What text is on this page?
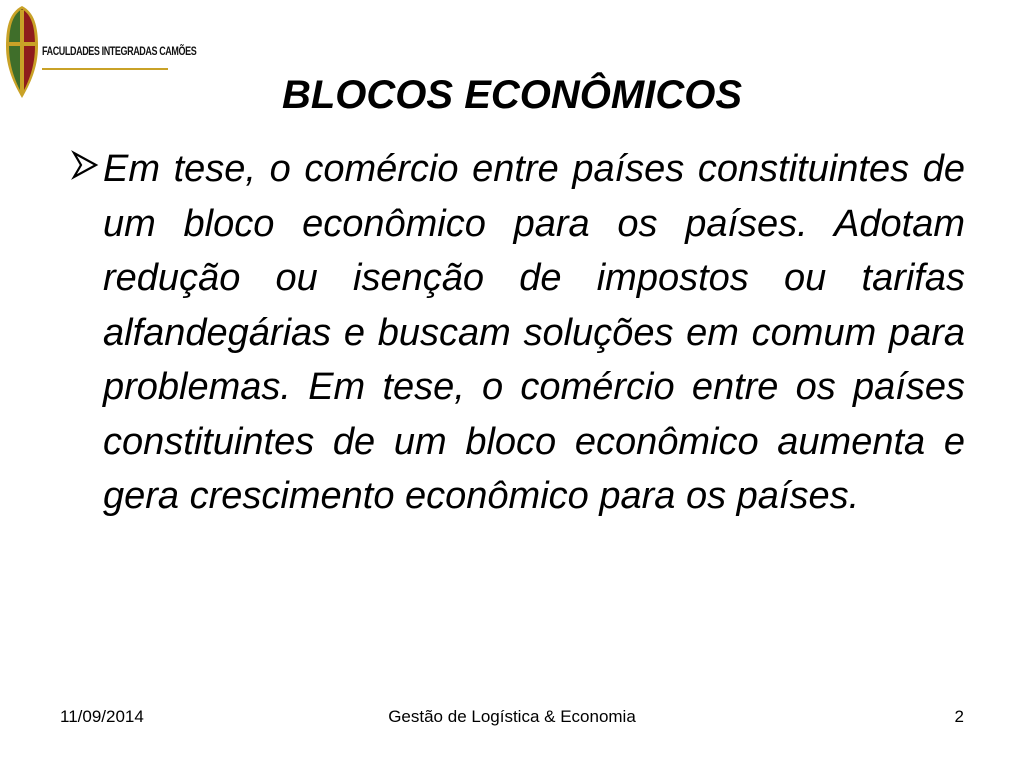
FACULDADES INTEGRADAS CAMÕES
BLOCOS ECONÔMICOS

Em tese, o comércio entre países constituintes de um bloco econômico para os países. Adotam redução ou isenção de impostos ou tarifas alfandegárias e buscam soluções em comum para problemas. Em tese, o comércio entre os países constituintes de um bloco econômico aumenta e gera crescimento econômico para os países.

11/09/2014	Gestão de Logística & Economia	2
